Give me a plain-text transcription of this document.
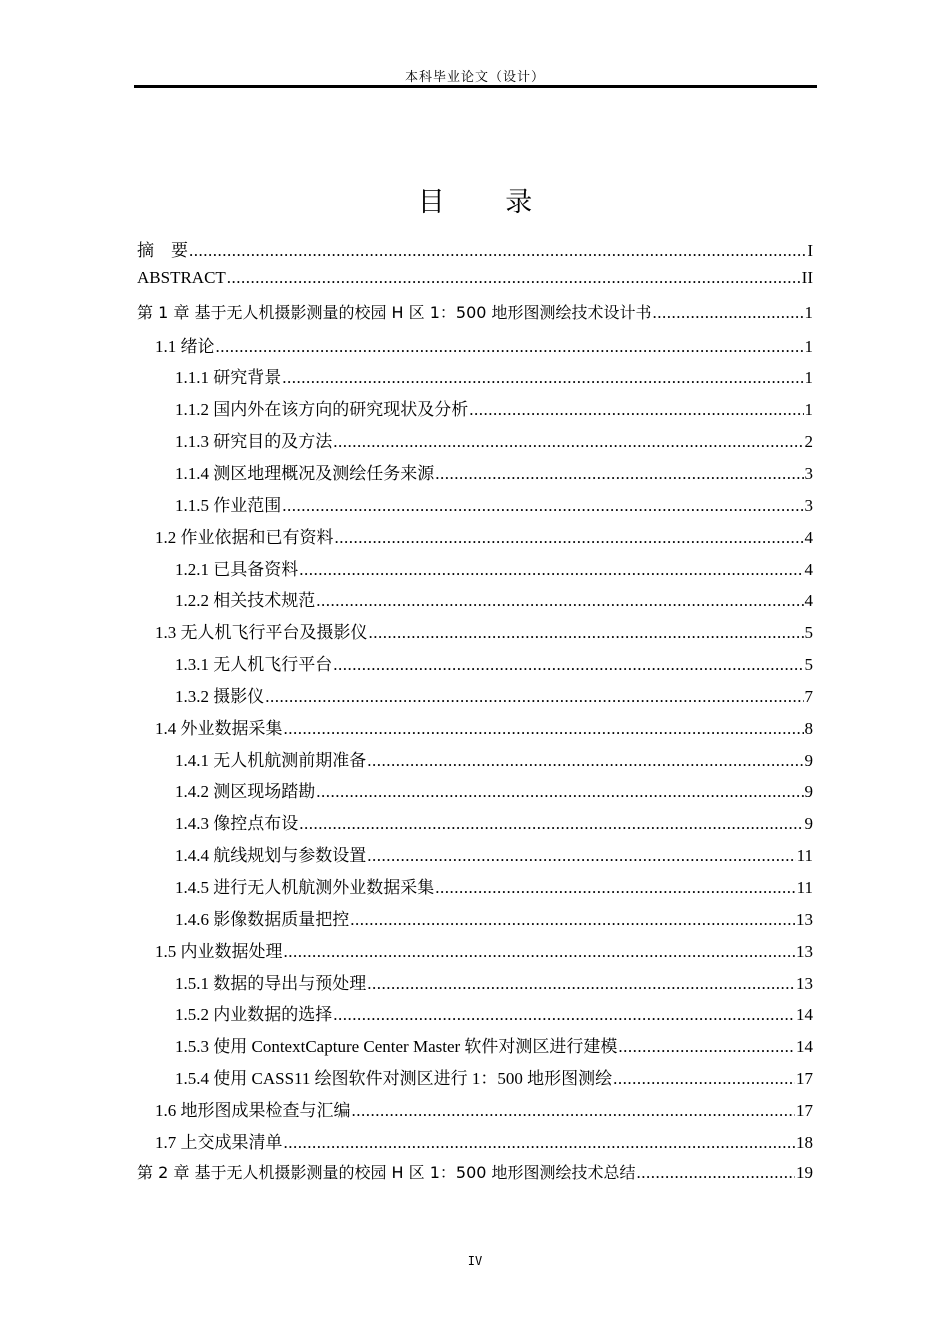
本科毕业论文（设计）
目 录
摘　要 .....	I
ABSTRACT .....	II
第 1 章 基于无人机摄影测量的校园 H 区 1：500 地形图测绘技术设计书 .....	1
1.1 绪论 .....	1
1.1.1 研究背景 .....	1
1.1.2 国内外在该方向的研究现状及分析 .....	1
1.1.3 研究目的及方法 .....	2
1.1.4 测区地理概况及测绘任务来源 .....	3
1.1.5 作业范围 .....	3
1.2 作业依据和已有资料 .....	4
1.2.1 已具备资料 .....	4
1.2.2 相关技术规范 .....	4
1.3 无人机飞行平台及摄影仪 .....	5
1.3.1 无人机飞行平台 .....	5
1.3.2 摄影仪 .....	7
1.4 外业数据采集 .....	8
1.4.1 无人机航测前期准备 .....	9
1.4.2 测区现场踏勘 .....	9
1.4.3 像控点布设 .....	9
1.4.4 航线规划与参数设置 .....	11
1.4.5 进行无人机航测外业数据采集 .....	11
1.4.6 影像数据质量把控 .....	13
1.5 内业数据处理 .....	13
1.5.1 数据的导出与预处理 .....	13
1.5.2 内业数据的选择 .....	14
1.5.3 使用 ContextCapture Center Master 软件对测区进行建模 .....	14
1.5.4 使用 CASS11 绘图软件对测区进行 1：500 地形图测绘 .....	17
1.6 地形图成果检查与汇编 .....	17
1.7 上交成果清单 .....	18
第 2 章 基于无人机摄影测量的校园 H 区 1：500 地形图测绘技术总结 .....	19
IV
